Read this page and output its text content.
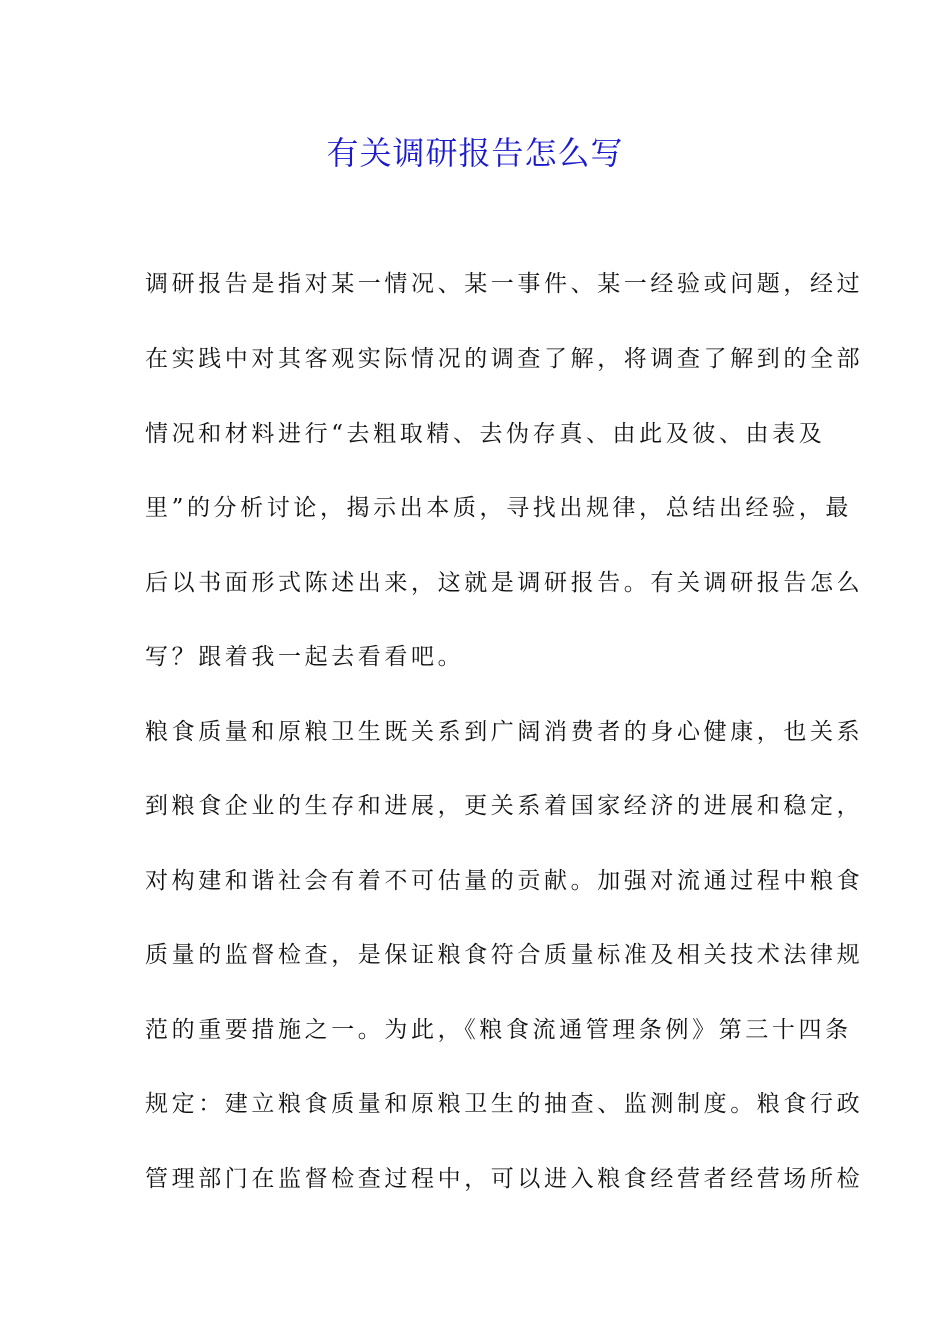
有关调研报告怎么写
调研报告是指对某一情况、某一事件、某一经验或问题，经过
在实践中对其客观实际情况的调查了解，将调查了解到的全部
情况和材料进行“去粗取精、去伪存真、由此及彼、由表及
里”的分析讨论，揭示出本质，寻找出规律，总结出经验，最
后以书面形式陈述出来，这就是调研报告。有关调研报告怎么
写？跟着我一起去看看吧。
粮食质量和原粮卫生既关系到广阔消费者的身心健康，也关系
到粮食企业的生存和进展，更关系着国家经济的进展和稳定，
对构建和谐社会有着不可估量的贡献。加强对流通过程中粮食
质量的监督检查，是保证粮食符合质量标准及相关技术法律规
范的重要措施之一。为此，《粮食流通管理条例》第三十四条
规定：建立粮食质量和原粮卫生的抽查、监测制度。粮食行政
管理部门在监督检查过程中，可以进入粮食经营者经营场所检
